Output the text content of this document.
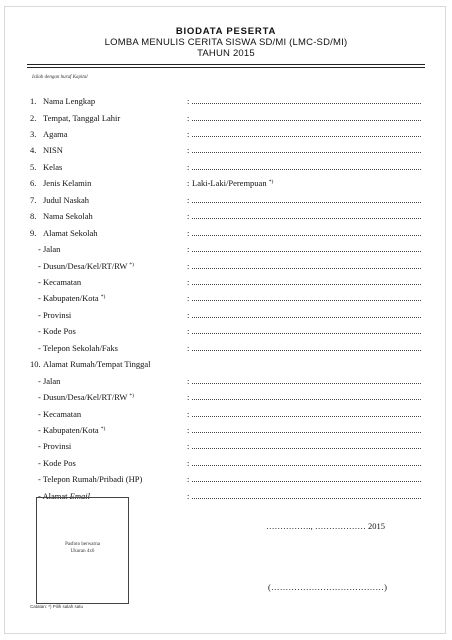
BIODATA PESERTA
LOMBA MENULIS CERITA SISWA SD/MI (LMC-SD/MI)
TAHUN 2015
Isilah dengan huruf Kapital
1. Nama Lengkap	:
2. Tempat, Tanggal Lahir	:
3. Agama	:
4. NISN	:
5. Kelas	:
6. Jenis Kelamin	: Laki-Laki/Perempuan *)
7. Judul Naskah	:
8. Nama Sekolah	:
9. Alamat Sekolah	:
- Jalan	:
- Dusun/Desa/Kel/RT/RW *)	:
- Kecamatan	:
- Kabupaten/Kota *)	:
- Provinsi	:
- Kode Pos	:
- Telepon Sekolah/Faks	:
10. Alamat Rumah/Tempat Tinggal
- Jalan	:
- Dusun/Desa/Kel/RT/RW *)	:
- Kecamatan	:
- Kabupaten/Kota *)	:
- Provinsi	:
- Kode Pos	:
- Telepon Rumah/Pribadi (HP)	:
- Alamat Email	:
Pasfoto berwarna
Ukuran 4x6
……………., ……………… 2015
(…………………………………)
Catatan: *) Pilih salah satu
